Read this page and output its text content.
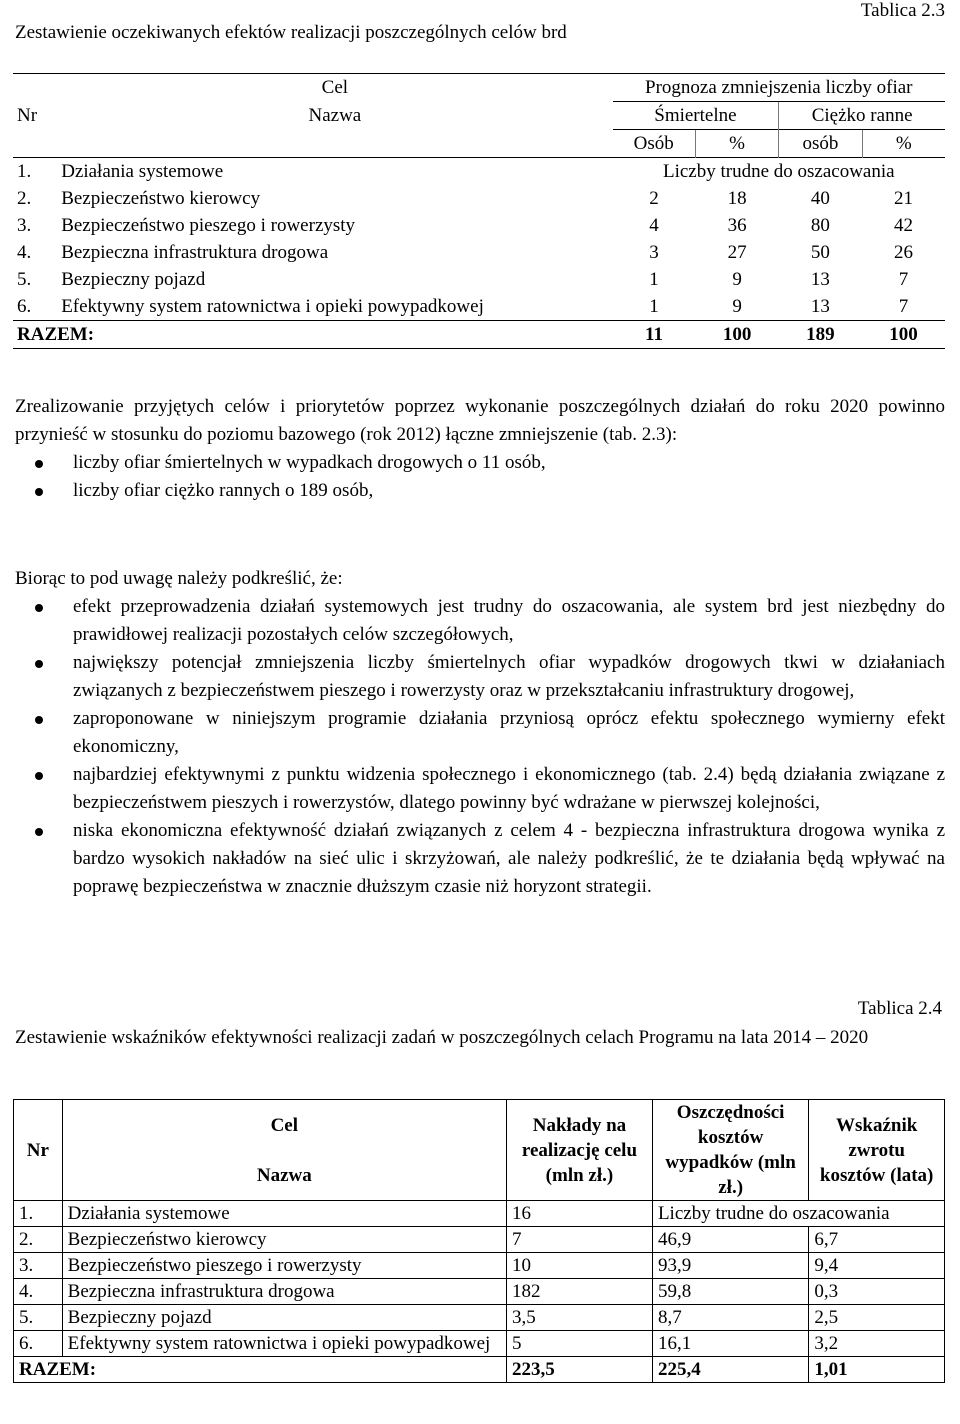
Tablica 2.3
Zestawienie oczekiwanych efektów realizacji poszczególnych celów brd
	Cel	Prognoza zmniejszenia liczby ofiar			
Nr	Nazwa	Śmiertelne		Ciężko ranne	
		Osób	%	osób	%
1.	Działania systemowe	Liczby trudne do oszacowania			
2.	Bezpieczeństwo kierowcy	2	18	40	21
3.	Bezpieczeństwo pieszego i rowerzysty	4	36	80	42
4.	Bezpieczna infrastruktura drogowa	3	27	50	26
5.	Bezpieczny pojazd	1	9	13	7
6.	Efektywny system ratownictwa i opieki powypadkowej	1	9	13	7
RAZEM:		11	100	189	100

Zrealizowanie przyjętych celów i priorytetów poprzez wykonanie poszczególnych działań do roku 2020 powinno przynieść w stosunku do poziomu bazowego (rok 2012) łączne zmniejszenie (tab. 2.3):

liczby ofiar śmiertelnych w wypadkach drogowych o 11 osób,
liczby ofiar ciężko rannych o 189 osób,

Biorąc to pod uwagę należy podkreślić, że:

efekt przeprowadzenia działań systemowych jest trudny do oszacowania, ale system brd jest niezbędny do prawidłowej realizacji pozostałych celów szczegółowych,
największy potencjał zmniejszenia liczby śmiertelnych ofiar wypadków drogowych tkwi w działaniach związanych z bezpieczeństwem pieszego i rowerzysty oraz w przekształcaniu infrastruktury drogowej,
zaproponowane w niniejszym programie działania przyniosą oprócz efektu społecznego wymierny efekt ekonomiczny,
najbardziej efektywnymi z punktu widzenia społecznego i ekonomicznego (tab. 2.4) będą działania związane z bezpieczeństwem pieszych i rowerzystów, dlatego powinny być wdrażane w pierwszej kolejności,
niska ekonomiczna efektywność działań związanych z celem 4 - bezpieczna infrastruktura drogowa wynika z bardzo wysokich nakładów na sieć ulic i skrzyżowań, ale należy podkreślić, że te działania będą wpływać na poprawę bezpieczeństwa w znacznie dłuższym czasie niż horyzont strategii.
Tablica 2.4
Zestawienie wskaźników efektywności realizacji zadań w poszczególnych celach Programu na lata 2014 – 2020
Nr	Cel	Nakłady na realizację celu (mln zł.)	Oszczędności kosztów wypadków (mln zł.)	Wskaźnik zwrotu kosztów (lata)
	Nazwa			
1.	Działania systemowe	16	Liczby trudne do oszacowania	
2.	Bezpieczeństwo kierowcy	7	46,9	6,7
3.	Bezpieczeństwo pieszego i rowerzysty	10	93,9	9,4
4.	Bezpieczna infrastruktura drogowa	182	59,8	0,3
5.	Bezpieczny pojazd	3,5	8,7	2,5
6.	Efektywny system ratownictwa i opieki powypadkowej	5	16,1	3,2
RAZEM:		223,5	225,4	1,01
